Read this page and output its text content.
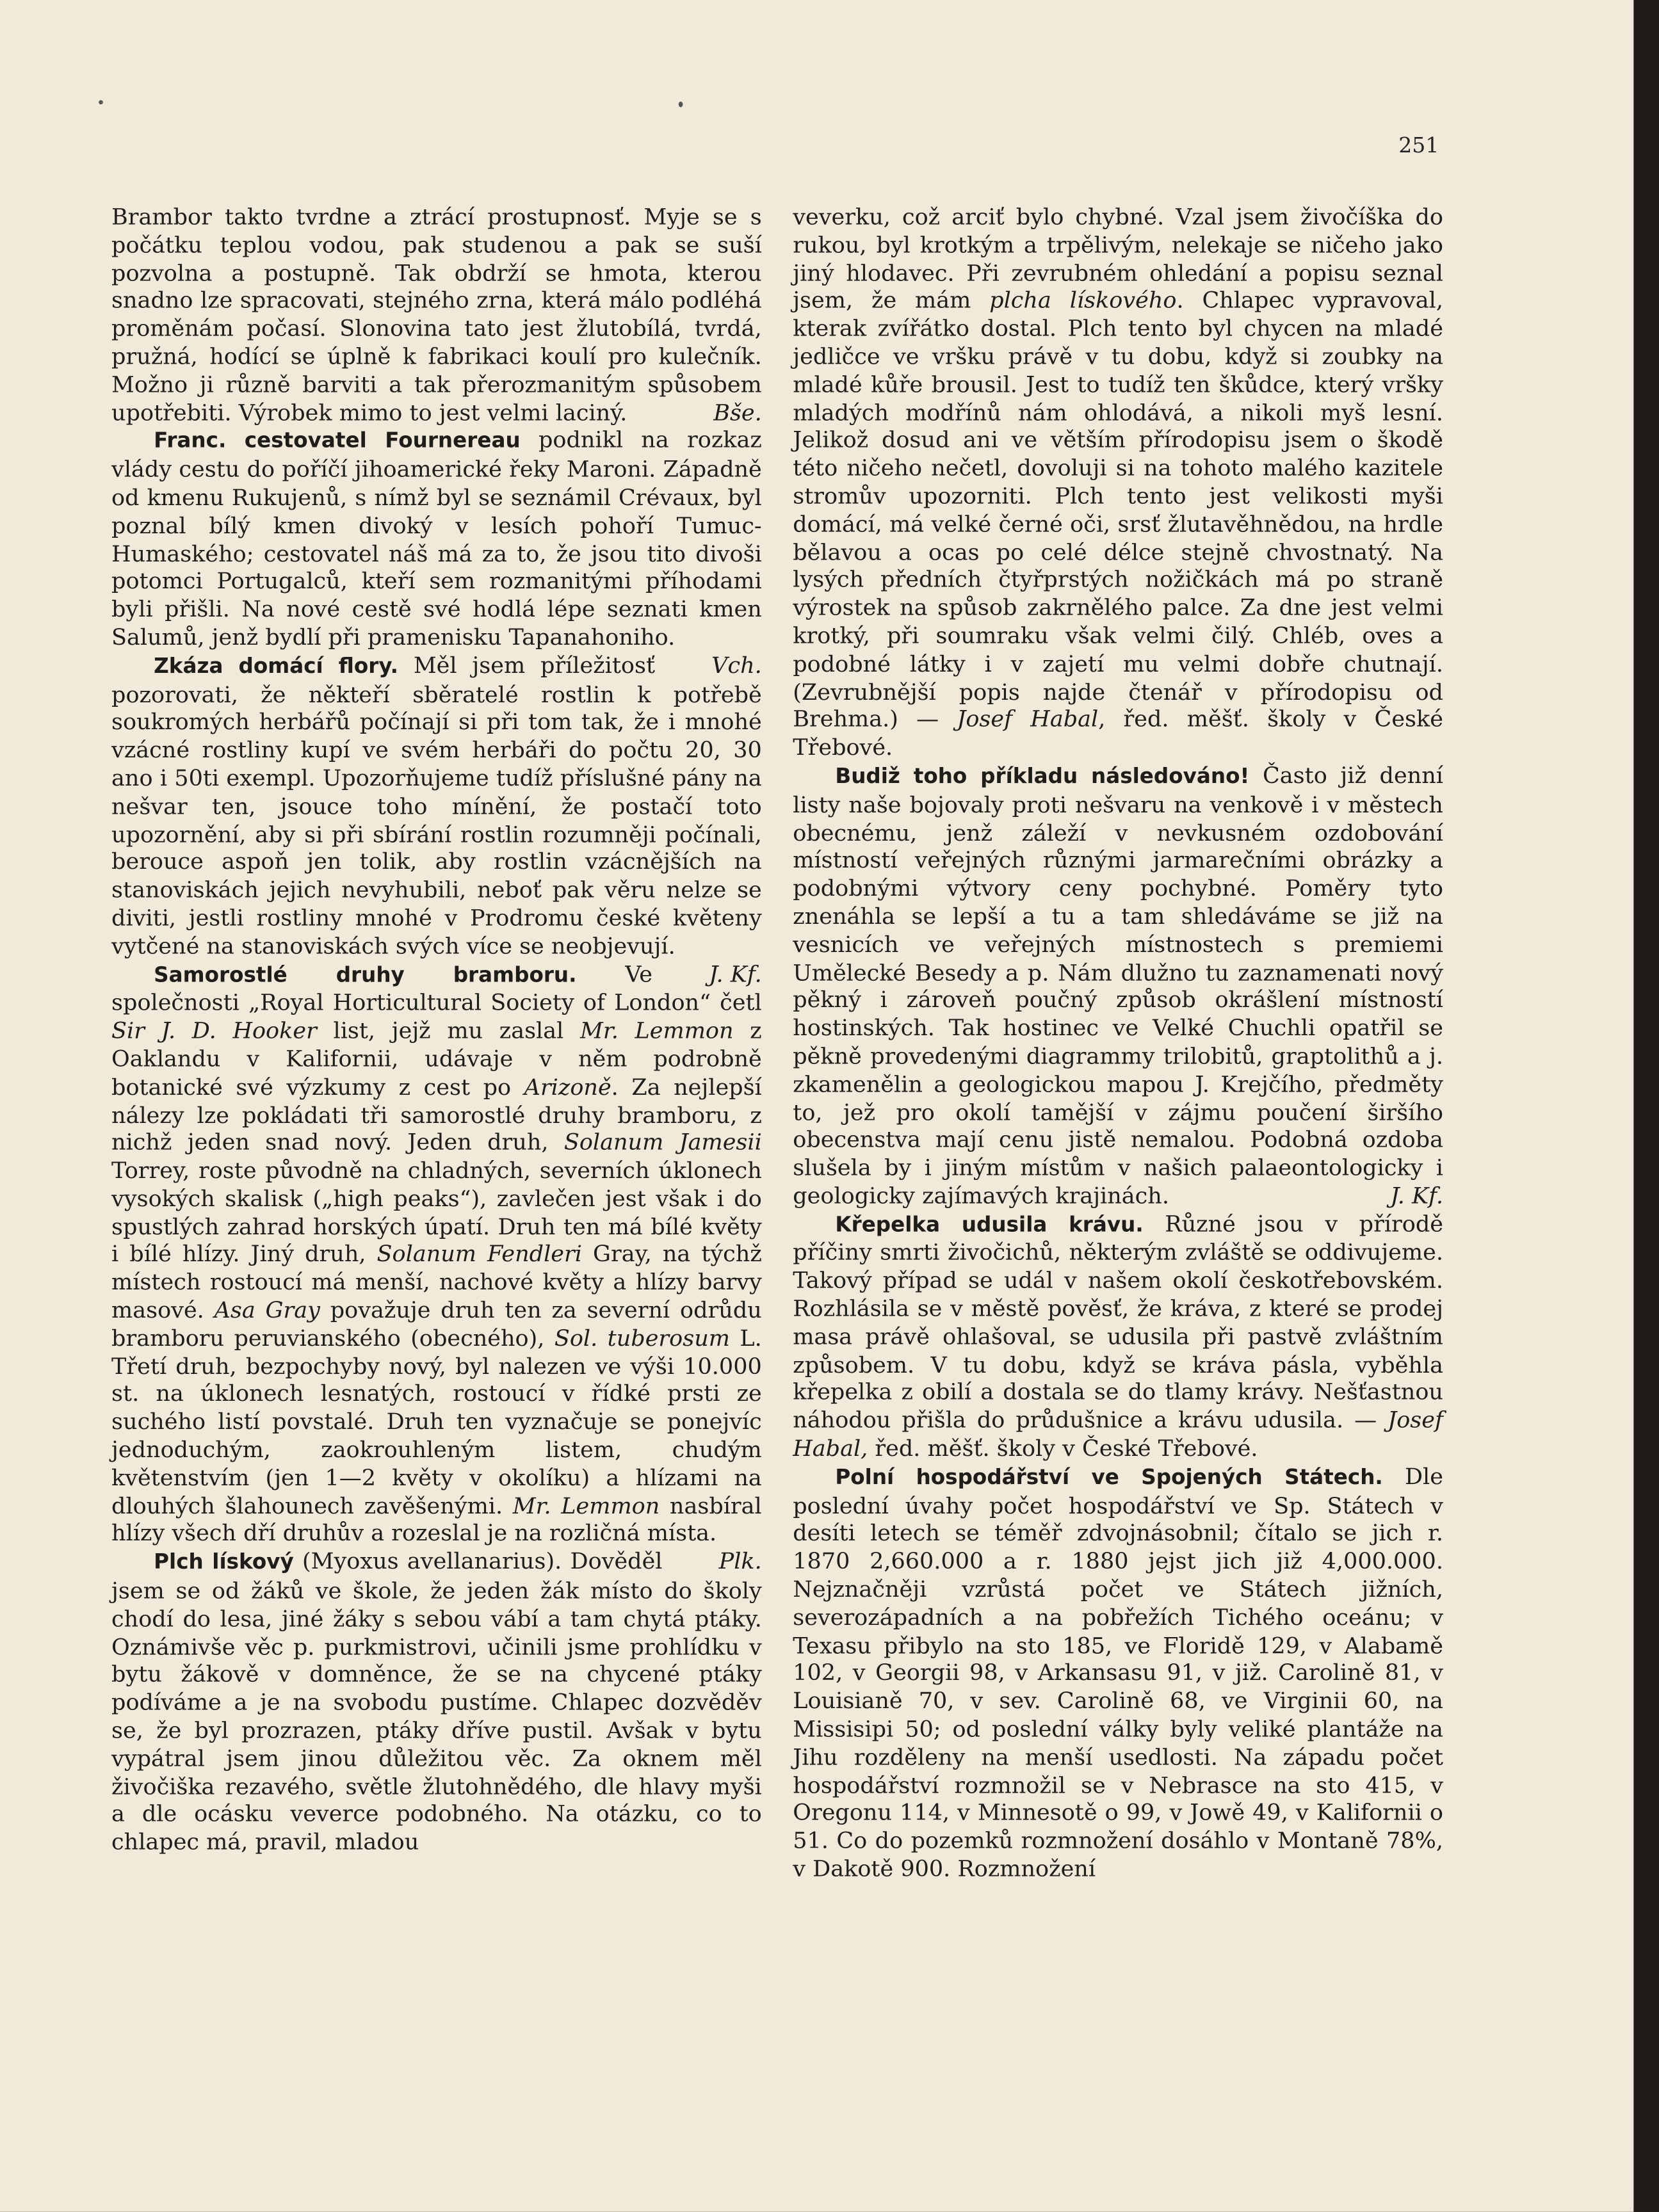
251

Brambor takto tvrdne a ztrácí prostupnosť. Myje se s počátku teplou vodou, pak studenou a pak se suší pozvolna a postupně. Tak obdrží se hmota, kterou snadno lze spracovati, stejného zrna, která málo podléhá proměnám počasí. Slonovina tato jest žlutobílá, tvrdá, pružná, hodící se úplně k fabrikaci koulí pro kulečník. Možno ji různě barviti a tak přerozmanitým spůsobem upotřebiti. Výrobek mimo to jest velmi laciný.	Bše.

Franc. cestovatel Fournereau podnikl na rozkaz vlády cestu do poříčí jihoamerické řeky Maroni. Západně od kmenu Rukujenů, s nímž byl se seznámil Crévaux, byl poznal bílý kmen divoký v lesích pohoří Tumuc-Humaského; cestovatel náš má za to, že jsou tito divoši potomci Portugalců, kteří sem rozmanitými příhodami byli přišli. Na nové cestě své hodlá lépe seznati kmen Salumů, jenž bydlí při pramenisku Tapanahoniho.
Vch.

Zkáza domácí flory. Měl jsem příležitosť pozorovati, že někteří sběratelé rostlin k potřebě soukromých herbářů počínají si při tom tak, že i mnohé vzácné rostliny kupí ve svém herbáři do počtu 20, 30 ano i 50ti exempl. Upozorňujeme tudíž příslušné pány na nešvar ten, jsouce toho mínění, že postačí toto upozornění, aby si při sbírání rostlin rozumněji počínali, berouce aspoň jen tolik, aby rostlin vzácnějších na stanoviskách jejich nevyhubili, neboť pak věru nelze se diviti, jestli rostliny mnohé v Prodromu české květeny vytčené na stanoviskách svých více se neobjevují.
J. Kf.

Samorostlé druhy bramboru. Ve společnosti „Royal Horticultural Society of London“ četl Sir J. D. Hooker list, jejž mu zaslal Mr. Lemmon z Oaklandu v Kalifornii, udávaje v něm podrobně botanické své výzkumy z cest po Arizoně. Za nejlepší nálezy lze pokládati tři samorostlé druhy bramboru, z nichž jeden snad nový. Jeden druh, Solanum Jamesii Torrey, roste původně na chladných, severních úklonech vysokých skalisk („high peaks“), zavlečen jest však i do spustlých zahrad horských úpatí. Druh ten má bílé květy i bílé hlízy. Jiný druh, Solanum Fendleri Gray, na týchž místech rostoucí má menší, nachové květy a hlízy barvy masové. Asa Gray považuje druh ten za severní odrůdu bramboru peruvianského (obecného), Sol. tuberosum L. Třetí druh, bezpochyby nový, byl nalezen ve výši 10.000 st. na úklonech lesnatých, rostoucí v řídké prsti ze suchého listí povstalé. Druh ten vyznačuje se ponejvíc jednoduchým, zaokrouhleným listem, chudým květenstvím (jen 1—2 květy v okolíku) a hlízami na dlouhých šlahounech zavěšenými. Mr. Lemmon nasbíral hlízy všech dří druhův a rozeslal je na rozličná místa.
Plk.

Plch lískový (Myoxus avellanarius). Dověděl jsem se od žáků ve škole, že jeden žák místo do školy chodí do lesa, jiné žáky s sebou vábí a tam chytá ptáky. Oznámivše věc p. purkmistrovi, učinili jsme prohlídku v bytu žákově v domněnce, že se na chycené ptáky podíváme a je na svobodu pustíme. Chlapec dozvěděv se, že byl prozrazen, ptáky dříve pustil. Avšak v bytu vypátral jsem jinou důležitou věc. Za oknem měl živočiška rezavého, světle žlutohnědého, dle hlavy myši a dle ocásku veverce podobného. Na otázku, co to chlapec má, pravil, mladou

veverku, což arciť bylo chybné. Vzal jsem živočíška do rukou, byl krotkým a trpělivým, nelekaje se ničeho jako jiný hlodavec. Při zevrubném ohledání a popisu seznal jsem, že mám plcha lískového. Chlapec vypravoval, kterak zvířátko dostal. Plch tento byl chycen na mladé jedličce ve vršku právě v tu dobu, když si zoubky na mladé kůře brousil. Jest to tudíž ten škůdce, který vršky mladých modřínů nám ohlodává, a nikoli myš lesní. Jelikož dosud ani ve větším přírodopisu jsem o škodě této ničeho nečetl, dovoluji si na tohoto malého kazitele stromův upozorniti. Plch tento jest velikosti myši domácí, má velké černé oči, srsť žlutavěhnědou, na hrdle bělavou a ocas po celé délce stejně chvostnatý. Na lysých předních čtyřprstých nožičkách má po straně výrostek na spůsob zakrnělého palce. Za dne jest velmi krotký, při soumraku však velmi čilý. Chléb, oves a podobné látky i v zajetí mu velmi dobře chutnají. (Zevrubnější popis najde čtenář v přírodopisu od Brehma.) — Josef Habal, řed. měšť. školy v České Třebové.

Budiž toho příkladu následováno! Často již denní listy naše bojovaly proti nešvaru na venkově i v městech obecnému, jenž záleží v nevkusném ozdobování místností veřejných různými jarmarečními obrázky a podobnými výtvory ceny pochybné. Poměry tyto znenáhla se lepší a tu a tam shledáváme se již na vesnicích ve veřejných místnostech s premiemi Umělecké Besedy a p. Nám dlužno tu zaznamenati nový pěkný i zároveň poučný způsob okrášlení místností hostinských. Tak hostinec ve Velké Chuchli opatřil se pěkně provedenými diagrammy trilobitů, graptolithů a j. zkamenělin a geologickou mapou J. Krejčího, předměty to, jež pro okolí tamější v zájmu poučení širšího obecenstva mají cenu jistě nemalou. Podobná ozdoba slušela by i jiným místům v našich palaeontologicky i geologicky zajímavých krajinách.	J. Kf.

Křepelka udusila krávu. Různé jsou v přírodě příčiny smrti živočichů, některým zvláště se oddivujeme. Takový případ se udál v našem okolí českotřebovském. Rozhlásila se v městě pověsť, že kráva, z které se prodej masa právě ohlašoval, se udusila při pastvě zvláštním způsobem. V tu dobu, když se kráva pásla, vyběhla křepelka z obilí a dostala se do tlamy krávy. Nešťastnou náhodou přišla do průdušnice a krávu udusila. — Josef Habal, řed. měšť. školy v České Třebové.

Polní hospodářství ve Spojených Státech. Dle poslední úvahy počet hospodářství ve Sp. Státech v desíti letech se téměř zdvojnásobnil; čítalo se jich r. 1870 2,660.000 a r. 1880 jejst jich již 4,000.000. Nejznačněji vzrůstá počet ve Státech jižních, severozápadních a na pobřežích Tichého oceánu; v Texasu přibylo na sto 185, ve Floridě 129, v Alabamě 102, v Georgii 98, v Arkansasu 91, v již. Carolině 81, v Louisianě 70, v sev. Carolině 68, ve Virginii 60, na Missisipi 50; od poslední války byly veliké plantáže na Jihu rozděleny na menší usedlosti. Na západu počet hospodářství rozmnožil se v Nebrasce na sto 415, v Oregonu 114, v Minnesotě o 99, v Jowě 49, v Kalifornii o 51. Co do pozemků rozmnožení dosáhlo v Montaně 78%, v Dakotě 900. Rozmnožení
